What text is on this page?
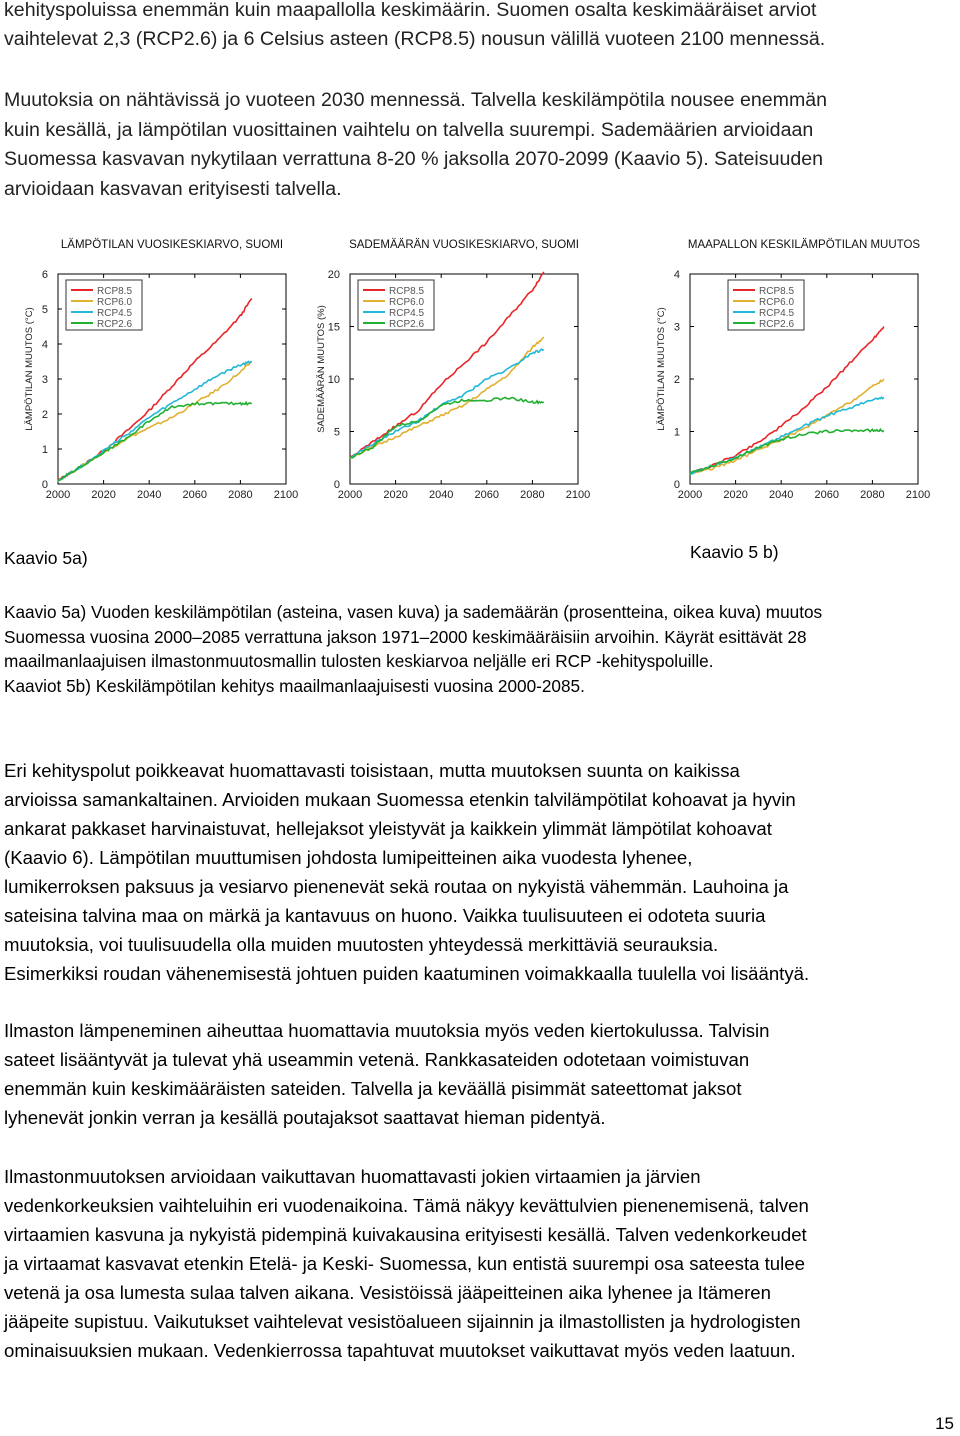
kehityspoluissa enemmän kuin maapallolla keskimäärin. Suomen osalta keskimääräiset arviot
vaihtelevat 2,3 (RCP2.6) ja 6 Celsius asteen (RCP8.5) nousun välillä vuoteen 2100 mennessä.

Muutoksia on nähtävissä jo vuoteen 2030 mennessä. Talvella keskilämpötila nousee enemmän
kuin kesällä, ja lämpötilan vuosittainen vaihtelu on talvella suurempi. Sademäärien arvioidaan
Suomessa kasvavan nykytilaan verrattuna 8-20 % jaksolla 2070-2099 (Kaavio 5). Sateisuuden
arvioidaan kasvavan erityisesti talvella.

LÄMPÖTILAN VUOSIKESKIARVO, SUOMI
2000 2020 2040 2060 2080 2100
0
1
2
3
4
5
6
LÄMPÖTILAN MUUTOS (°C)
RCP8.5
RCP6.0
RCP4.5
RCP2.6
SADEMÄÄRÄN VUOSIKESKIARVO, SUOMI
2000 2020 2040 2060 2080 2100
0
5
10
15
20
SADEMÄÄRÄN MUUTOS (%)
RCP8.5
RCP6.0
RCP4.5
RCP2.6
MAAPALLON KESKILÄMPÖTILAN MUUTOS
2000 2020 2040 2060 2080 2100
0
1
2
3
4
LÄMPÖTILAN MUUTOS (°C)
RCP8.5
RCP6.0
RCP4.5
RCP2.6
Kaavio 5a)	Kaavio 5 b)

Kaavio 5a) Vuoden keskilämpötilan (asteina, vasen kuva) ja sademäärän (prosentteina, oikea kuva) muutos
Suomessa vuosina 2000–2085 verrattuna jakson 1971–2000 keskimääräisiin arvoihin. Käyrät esittävät 28
maailmanlaajuisen ilmastonmuutosmallin tulosten keskiarvoa neljälle eri RCP -kehityspoluille.
Kaaviot 5b) Keskilämpötilan kehitys maailmanlaajuisesti vuosina 2000-2085.

Eri kehityspolut poikkeavat huomattavasti toisistaan, mutta muutoksen suunta on kaikissa
arvioissa samankaltainen. Arvioiden mukaan Suomessa etenkin talvilämpötilat kohoavat ja hyvin
ankarat pakkaset harvinaistuvat, hellejaksot yleistyvät ja kaikkein ylimmät lämpötilat kohoavat
(Kaavio 6). Lämpötilan muuttumisen johdosta lumipeitteinen aika vuodesta lyhenee,
lumikerroksen paksuus ja vesiarvo pienenevät sekä routaa on nykyistä vähemmän. Lauhoina ja
sateisina talvina maa on märkä ja kantavuus on huono. Vaikka tuulisuuteen ei odoteta suuria
muutoksia, voi tuulisuudella olla muiden muutosten yhteydessä merkittäviä seurauksia.
Esimerkiksi roudan vähenemisestä johtuen puiden kaatuminen voimakkaalla tuulella voi lisääntyä.

Ilmaston lämpeneminen aiheuttaa huomattavia muutoksia myös veden kiertokulussa. Talvisin
sateet lisääntyvät ja tulevat yhä useammin vetenä. Rankkasateiden odotetaan voimistuvan
enemmän kuin keskimääräisten sateiden. Talvella ja keväällä pisimmät sateettomat jaksot
lyhenevät jonkin verran ja kesällä poutajaksot saattavat hieman pidentyä.

Ilmastonmuutoksen arvioidaan vaikuttavan huomattavasti jokien virtaamien ja järvien
vedenkorkeuksien vaihteluihin eri vuodenaikoina. Tämä näkyy kevättulvien pienenemisenä, talven
virtaamien kasvuna ja nykyistä pidempinä kuivakausina erityisesti kesällä. Talven vedenkorkeudet
ja virtaamat kasvavat etenkin Etelä- ja Keski- Suomessa, kun entistä suurempi osa sateesta tulee
vetenä ja osa lumesta sulaa talven aikana. Vesistöissä jääpeitteinen aika lyhenee ja Itämeren
jääpeite supistuu. Vaikutukset vaihtelevat vesistöalueen sijainnin ja ilmastollisten ja hydrologisten
ominaisuuksien mukaan. Vedenkierrossa tapahtuvat muutokset vaikuttavat myös veden laatuun.

15
